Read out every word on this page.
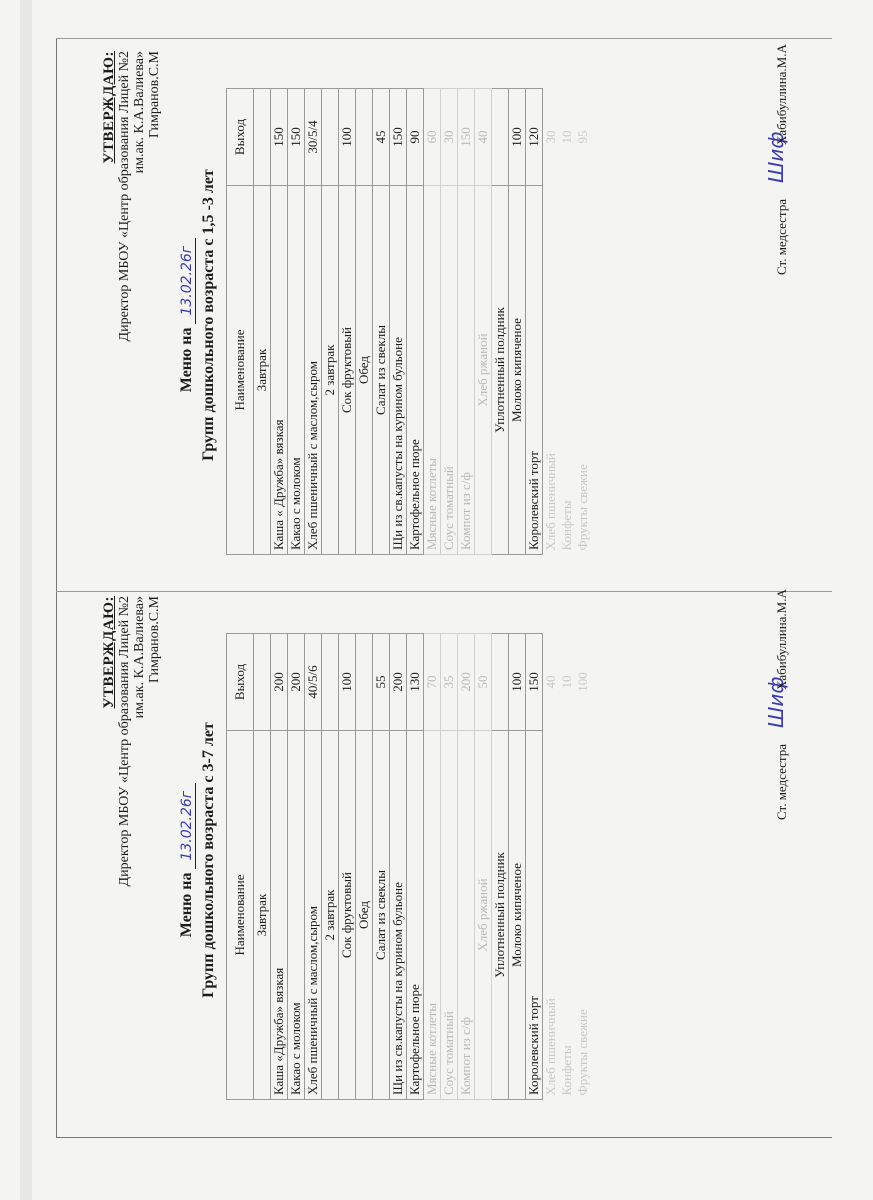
УТВЕРЖДАЮ: Директор МБОУ «Центр образования Лицей №2 им.ак. К.А.Валиева» Гимранов.С.М
Меню на 13.02.26г Групп дошкольного возраста с 1,5 -3 лет Наименование	Выход
Завтрак	
Каша « Дружба» вязкая	150
Какао с молоком	150
Хлеб пшеничный с маслом,сыром	30/5/4
2 завтрак	
Сок фруктовый	100
Обед	
Салат из свеклы	45
Щи из св.капусты на курином бульоне	150
Картофельное пюре	90
Мясные котлеты	60
Соус томатный	30
Компот из с/ф	150
Хлеб ржаной	40
Уплотненный полдник	
Молоко кипяченое	100
Королевский торт	120
Хлеб пшеничный	30
Конфеты	10
Фрукты свежие	95
Ст. медсестра
Шиф
Хабибуллина.М.А
УТВЕРЖДАЮ: Директор МБОУ «Центр образования Лицей №2 им.ак. К.А.Валиева» Гимранов.С.М
Меню на 13.02.26г Групп дошкольного возраста с 3-7 лет Наименование	Выход
Завтрак	
Каша «Дружба» вязкая	200
Какао с молоком	200
Хлеб пшеничный с маслом,сыром	40/5/6
2 завтрак	
Сок фруктовый	100
Обед	
Салат из свеклы	55
Щи из св.капусты на курином бульоне	200
Картофельное пюре	130
Мясные котлеты	70
Соус томатный	35
Компот из с/ф	200
Хлеб ржаной	50
Уплотненный полдник	
Молоко кипяченое	100
Королевский торт	150
Хлеб пшеничный	40
Конфеты	10
Фрукты свежие	100
Ст. медсестра
Шиф
Хабибуллина.М.А
